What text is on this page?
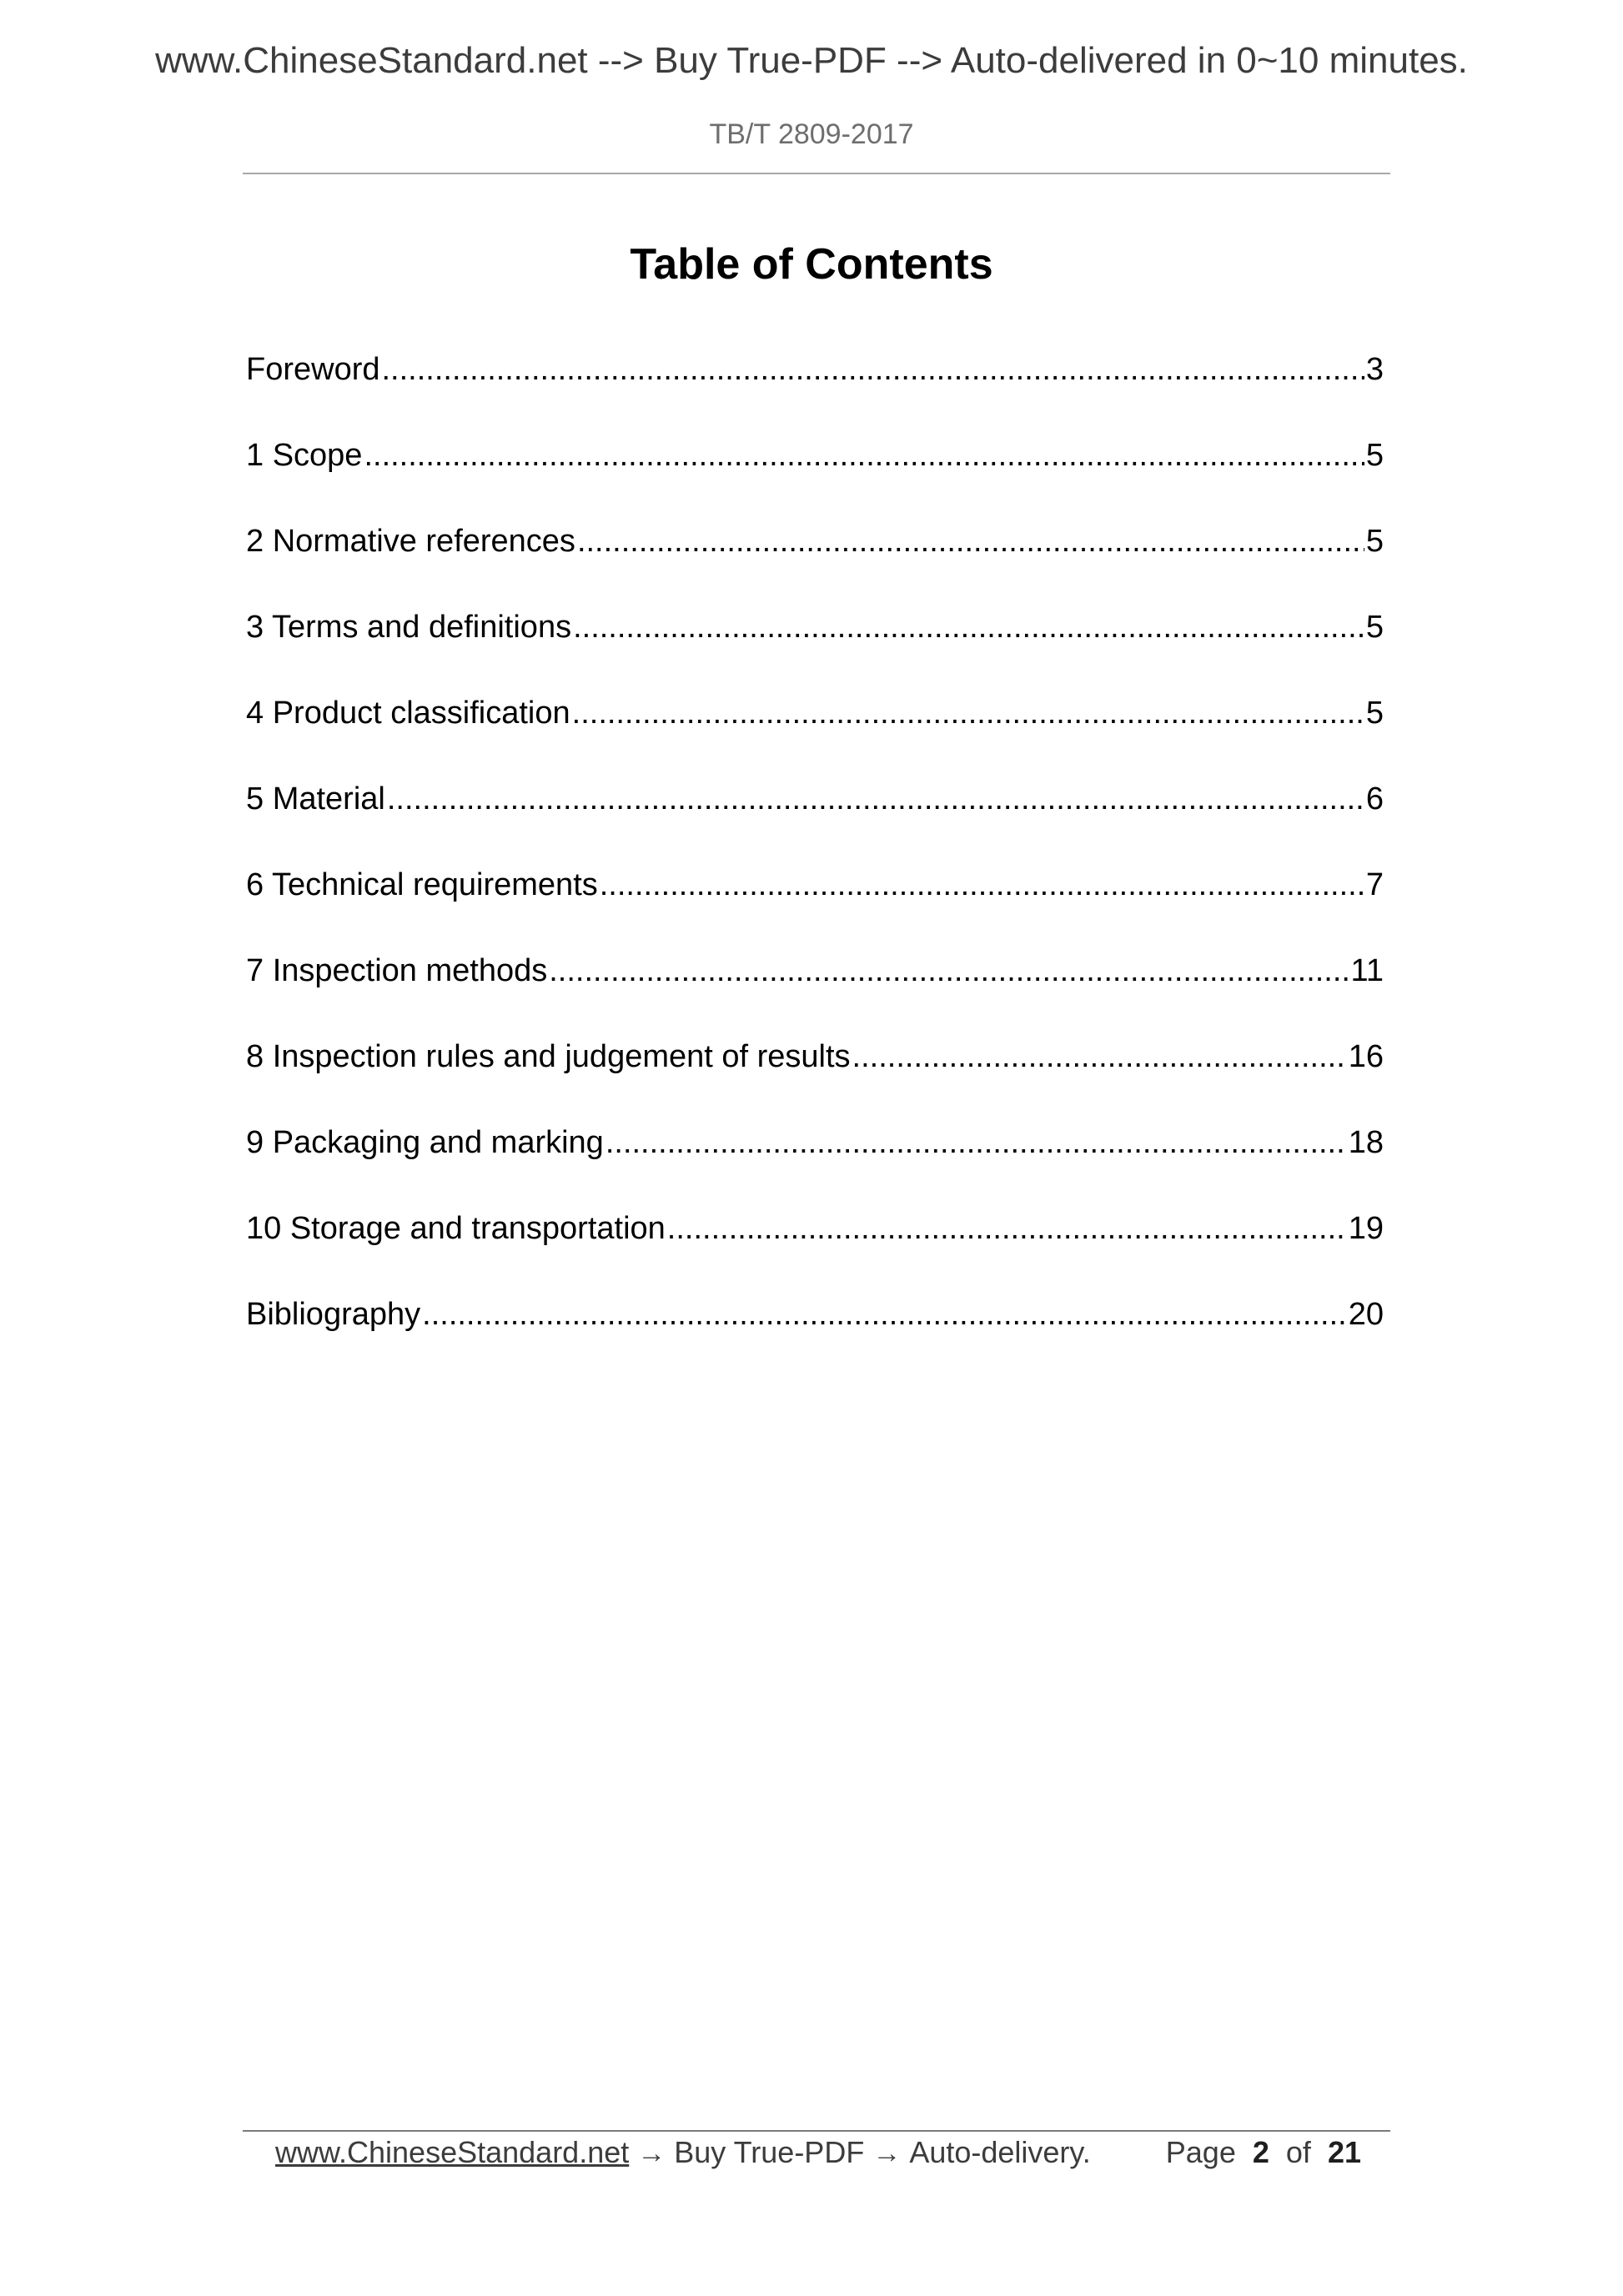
www.ChineseStandard.net --> Buy True-PDF --> Auto-delivered in 0~10 minutes.
TB/T 2809-2017
Table of Contents
Foreword .....	3
1 Scope .....	5
2 Normative references .....	5
3 Terms and definitions .....	5
4 Product classification .....	5
5 Material .....	6
6 Technical requirements .....	7
7 Inspection methods .....	11
8 Inspection rules and judgement of results .....	16
9 Packaging and marking .....	18
10 Storage and transportation .....	19
Bibliography .....	20
www.ChineseStandard.net → Buy True-PDF → Auto-delivery.	Page 2 of 21
